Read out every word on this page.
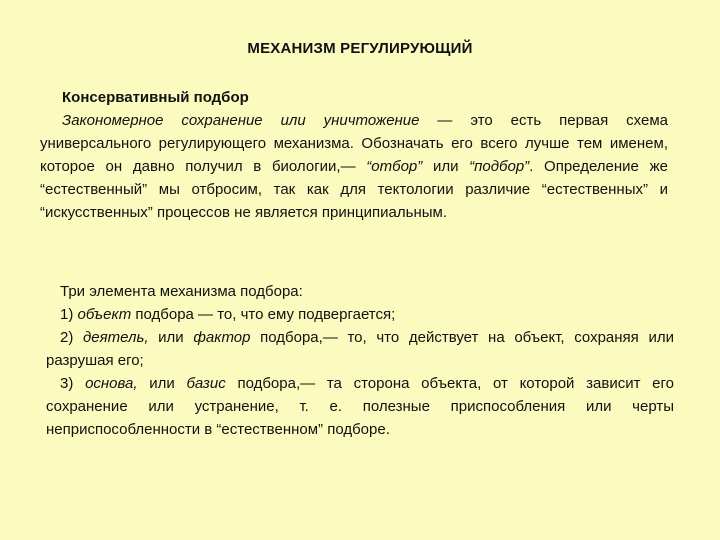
МЕХАНИЗМ РЕГУЛИРУЮЩИЙ
Консервативный подбор
Закономерное сохранение или уничтожение — это есть первая схема универсального регулирующего механизма. Обозначать его всего лучше тем именем, которое он давно получил в биологии,— “отбор” или “подбор”. Определение же “естественный” мы отбросим, так как для тектологии различие “естественных” и “искусственных” процессов не является принципиальным.
Три элемента механизма подбора:
1) объект подбора — то, что ему подвергается;
2) деятель, или фактор подбора,— то, что действует на объект, сохраняя или разрушая его;
3) основа, или базис подбора,— та сторона объекта, от которой зависит его сохранение или устранение, т. е. полезные приспособления или черты неприспособленности в “естественном” подборе.
